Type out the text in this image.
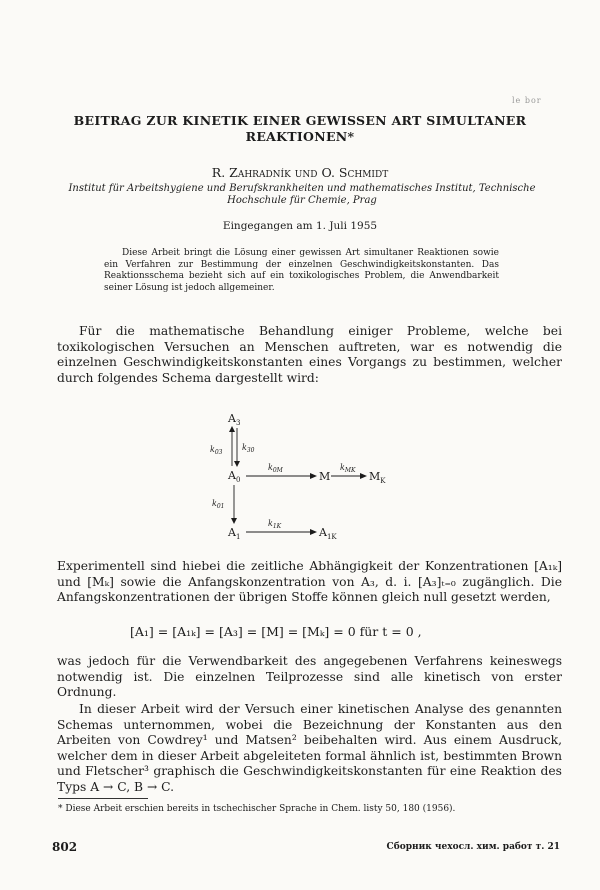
le bor
BEITRAG ZUR KINETIK EINER GEWISSEN ART SIMULTANER REAKTIONEN*
R. Zahradník und O. Schmidt
Institut für Arbeitshygiene und Berufskrankheiten und mathematisches Institut, Technische Hochschule für Chemie, Prag
Eingegangen am 1. Juli 1955
Diese Arbeit bringt die Lösung einer gewissen Art simultaner Reaktionen sowie ein Verfahren zur Bestimmung der einzelnen Geschwindigkeitskonstanten. Das Reaktionsschema bezieht sich auf ein toxikologisches Problem, die Anwendbarkeit seiner Lösung ist jedoch allgemeiner.
Für die mathematische Behandlung einiger Probleme, welche bei toxikologischen Versuchen an Menschen auftreten, war es notwendig die einzelnen Geschwindigkeitskonstanten eines Vorgangs zu bestimmen, welcher durch folgendes Schema dargestellt wird:
$A_3$
$k_{03}$
$k_{30}$
$A_0$
$k_{0M}$	M
$k_{MK}$ $M_K$
$k_{01}$
$A_1$
$k_{1K}$	$A_{1K}$
Experimentell sind hiebei die zeitliche Abhängigkeit der Konzentrationen [A₁ₖ] und [Mₖ] sowie die Anfangskonzentration von A₃, d. i. [A₃]ₜ₌₀ zugänglich. Die Anfangskonzentrationen der übrigen Stoffe können gleich null gesetzt werden,
[A₁] = [A₁ₖ] = [A₃] = [M] = [Mₖ] = 0 für t = 0 ,
was jedoch für die Verwendbarkeit des angegebenen Verfahrens keineswegs notwendig ist. Die einzelnen Teilprozesse sind alle kinetisch von erster Ordnung.
In dieser Arbeit wird der Versuch einer kinetischen Analyse des genannten Schemas unternommen, wobei die Bezeichnung der Konstanten aus den Arbeiten von Cowdrey¹ und Matsen² beibehalten wird. Aus einem Ausdruck, welcher dem in dieser Arbeit abgeleiteten formal ähnlich ist, bestimmten Brown und Fletscher³ graphisch die Geschwindigkeitskonstanten für eine Reaktion des Typs A → C, B → C.
* Diese Arbeit erschien bereits in tschechischer Sprache in Chem. listy 50, 180 (1956).
802	Сборник чехосл. хим. работ т. 21
